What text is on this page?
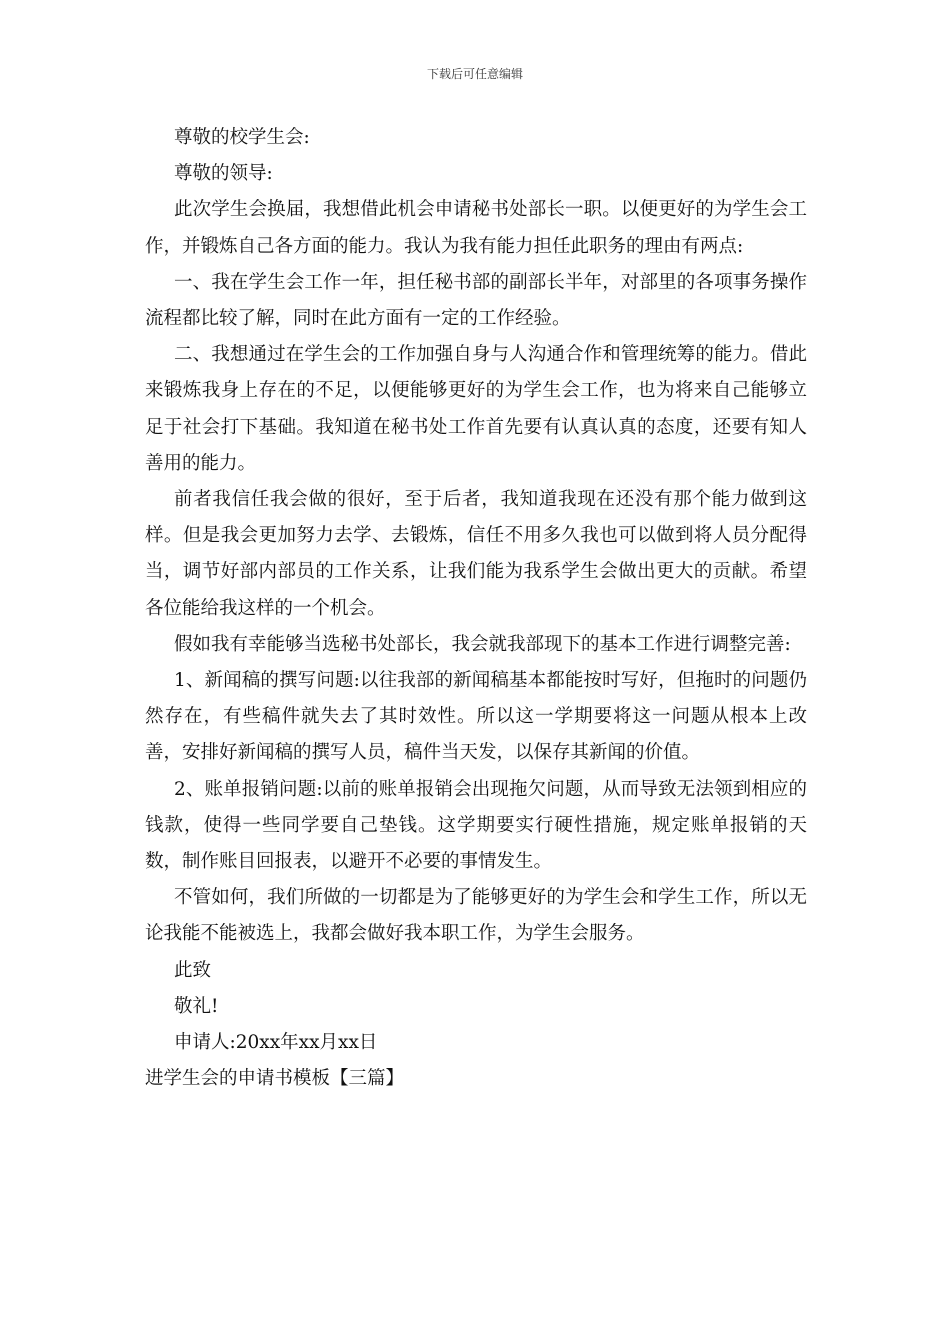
下载后可任意编辑

尊敬的校学生会:

尊敬的领导:

此次学生会换届，我想借此机会申请秘书处部长一职。以便更好的为学生会工作，并锻炼自己各方面的能力。我认为我有能力担任此职务的理由有两点:

一、我在学生会工作一年，担任秘书部的副部长半年，对部里的各项事务操作流程都比较了解，同时在此方面有一定的工作经验。

二、我想通过在学生会的工作加强自身与人沟通合作和管理统筹的能力。借此来锻炼我身上存在的不足，以便能够更好的为学生会工作，也为将来自己能够立足于社会打下基础。我知道在秘书处工作首先要有认真认真的态度，还要有知人善用的能力。

前者我信任我会做的很好，至于后者，我知道我现在还没有那个能力做到这样。但是我会更加努力去学、去锻炼，信任不用多久我也可以做到将人员分配得当，调节好部内部员的工作关系，让我们能为我系学生会做出更大的贡献。希望各位能给我这样的一个机会。

假如我有幸能够当选秘书处部长，我会就我部现下的基本工作进行调整完善:

1、新闻稿的撰写问题:以往我部的新闻稿基本都能按时写好，但拖时的问题仍然存在，有些稿件就失去了其时效性。所以这一学期要将这一问题从根本上改善，安排好新闻稿的撰写人员，稿件当天发，以保存其新闻的价值。

2、账单报销问题:以前的账单报销会出现拖欠问题，从而导致无法领到相应的钱款，使得一些同学要自己垫钱。这学期要实行硬性措施，规定账单报销的天数，制作账目回报表，以避开不必要的事情发生。

不管如何，我们所做的一切都是为了能够更好的为学生会和学生工作，所以无论我能不能被选上，我都会做好我本职工作，为学生会服务。

此致

敬礼!

申请人:20xx年xx月xx日

进学生会的申请书模板【三篇】
